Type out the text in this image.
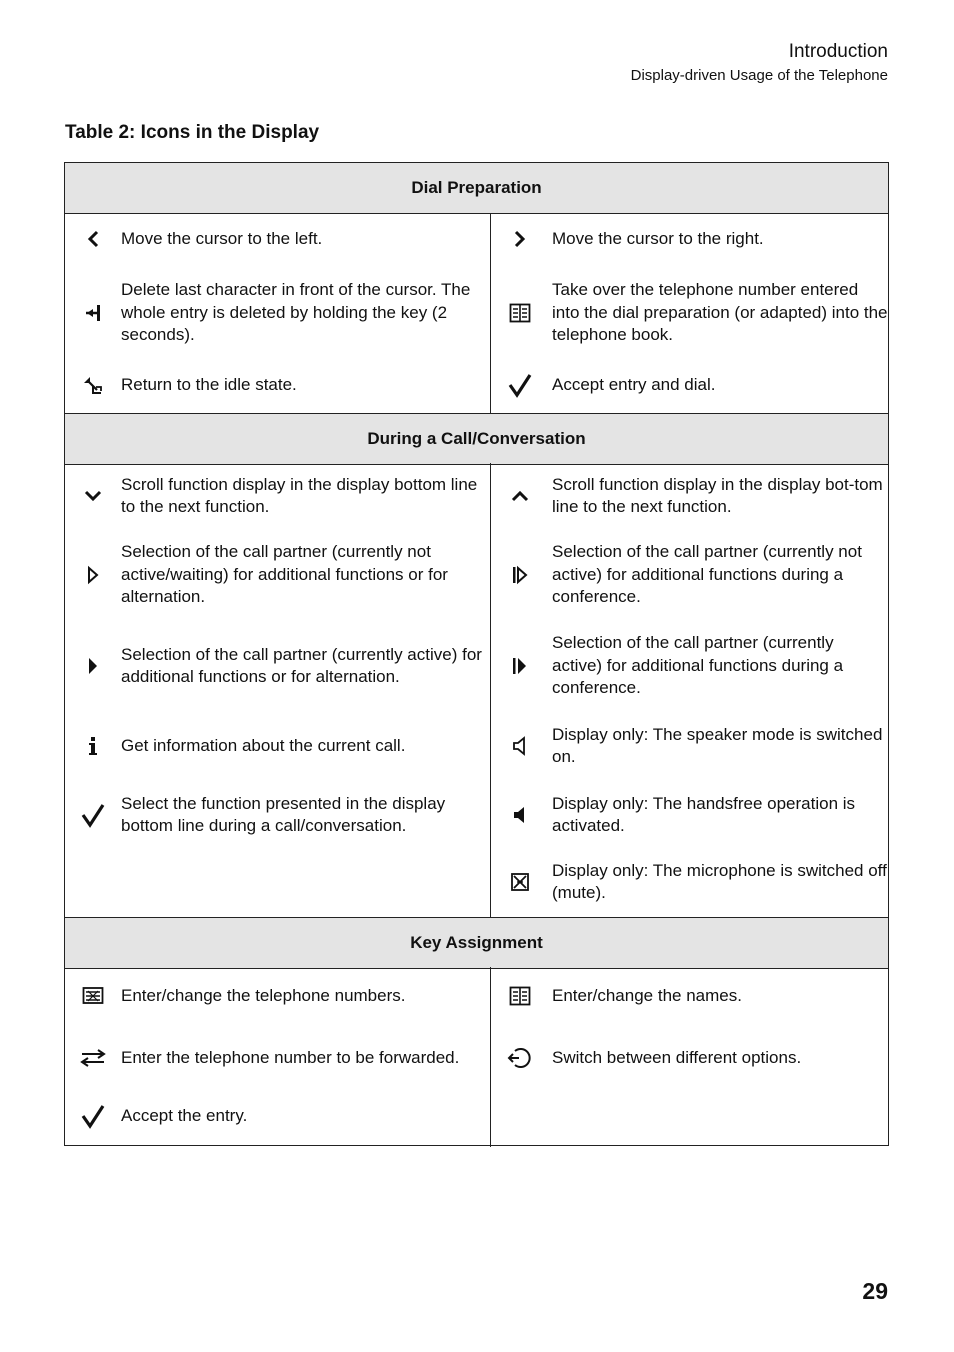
Introduction
Display-driven Usage of the Telephone
Table 2: Icons in the Display
Dial Preparation
Move the cursor to the left.
Delete last character in front of the cursor. The whole entry is deleted by holding the key (2 seconds).
Return to the idle state.
Move the cursor to the right.
Take over the telephone number entered into the dial preparation (or adapted) into the telephone book.
Accept entry and dial.
During a Call/Conversation
Scroll function display in the display bottom line to the next function.
Selection of the call partner (currently not active/waiting) for additional functions or for alternation.
Selection of the call partner (currently active) for additional functions or for alternation.
Get information about the current call.
Select the function presented in the display bottom line during a call/conversation.
Scroll function display in the display bot-tom line to the next function.
Selection of the call partner (currently not active) for additional functions during a conference.
Selection of the call partner (currently active) for additional functions during a conference.
Display only: The speaker mode is switched on.
Display only: The handsfree operation is activated.
Display only: The microphone is switched off (mute).
Key Assignment
Enter/change the telephone numbers.
Enter the telephone number to be forwarded.
Accept the entry.
Enter/change the names.
Switch between different options.
29
